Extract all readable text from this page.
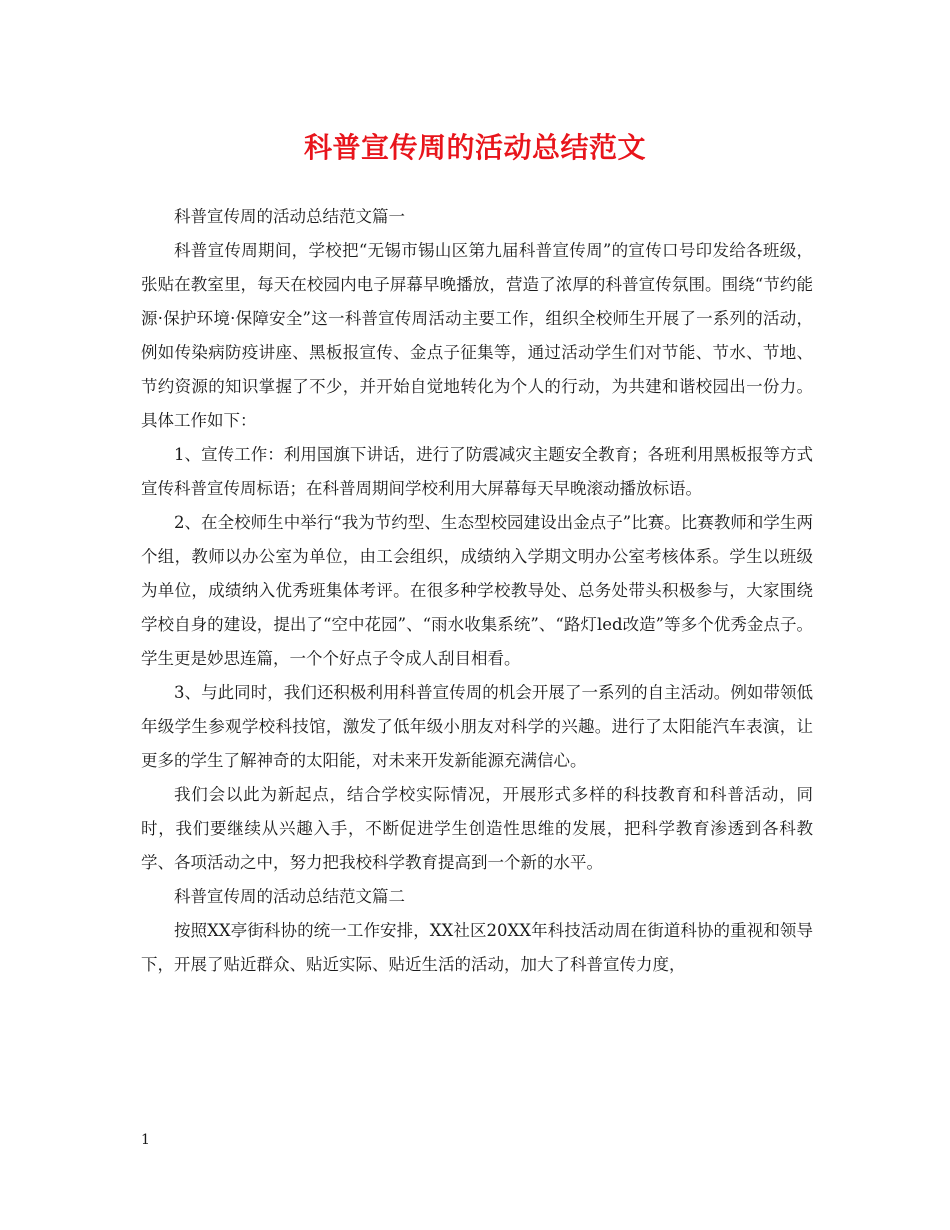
科普宣传周的活动总结范文

科普宣传周的活动总结范文篇一

科普宣传周期间，学校把“无锡市锡山区第九届科普宣传周”的宣传口号印发给各班级，张贴在教室里，每天在校园内电子屏幕早晚播放，营造了浓厚的科普宣传氛围。围绕“节约能源·保护环境·保障安全”这一科普宣传周活动主要工作，组织全校师生开展了一系列的活动，例如传染病防疫讲座、黑板报宣传、金点子征集等，通过活动学生们对节能、节水、节地、节约资源的知识掌握了不少，并开始自觉地转化为个人的行动，为共建和谐校园出一份力。具体工作如下：

1、宣传工作：利用国旗下讲话，进行了防震减灾主题安全教育；各班利用黑板报等方式宣传科普宣传周标语；在科普周期间学校利用大屏幕每天早晚滚动播放标语。

2、在全校师生中举行“我为节约型、生态型校园建设出金点子”比赛。比赛教师和学生两个组，教师以办公室为单位，由工会组织，成绩纳入学期文明办公室考核体系。学生以班级为单位，成绩纳入优秀班集体考评。在很多种学校教导处、总务处带头积极参与，大家围绕学校自身的建设，提出了“空中花园”、“雨水收集系统”、“路灯led改造”等多个优秀金点子。学生更是妙思连篇，一个个好点子令成人刮目相看。

3、与此同时，我们还积极利用科普宣传周的机会开展了一系列的自主活动。例如带领低年级学生参观学校科技馆，激发了低年级小朋友对科学的兴趣。进行了太阳能汽车表演，让更多的学生了解神奇的太阳能，对未来开发新能源充满信心。

我们会以此为新起点，结合学校实际情况，开展形式多样的科技教育和科普活动，同时，我们要继续从兴趣入手，不断促进学生创造性思维的发展，把科学教育渗透到各科教学、各项活动之中，努力把我校科学教育提高到一个新的水平。

科普宣传周的活动总结范文篇二

按照XX亭街科协的统一工作安排，XX社区20XX年科技活动周在街道科协的重视和领导下，开展了贴近群众、贴近实际、贴近生活的活动，加大了科普宣传力度，

1
